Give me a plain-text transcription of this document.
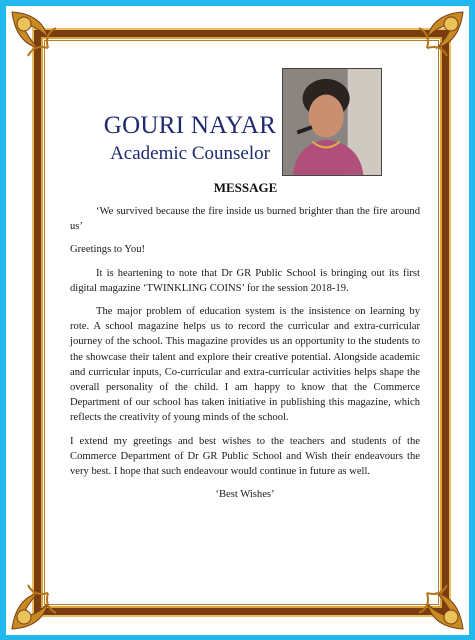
GOURI NAYAR
Academic Counselor
MESSAGE

‘We survived because the fire inside us burned brighter than the fire around us’

Greetings to You!

It is heartening to note that Dr GR Public School is bringing out its first digital magazine ‘TWINKLING COINS’ for the session 2018-19.

The major problem of education system is the insistence on learning by rote. A school magazine helps us to record the curricular and extra-curricular journey of the school. This magazine provides us an opportunity to the students to the showcase their talent and explore their creative potential. Alongside academic and curricular inputs, Co-curricular and extra-curricular activities helps shape the overall personality of the child. I am happy to know that the Commerce Department of our school has taken initiative in publishing this magazine, which reflects the creativity of young minds of the school.

I extend my greetings and best wishes to the teachers and students of the Commerce Department of Dr GR Public School and Wish their endeavours the very best. I hope that such endeavour would continue in future as well.

‘Best Wishes’
